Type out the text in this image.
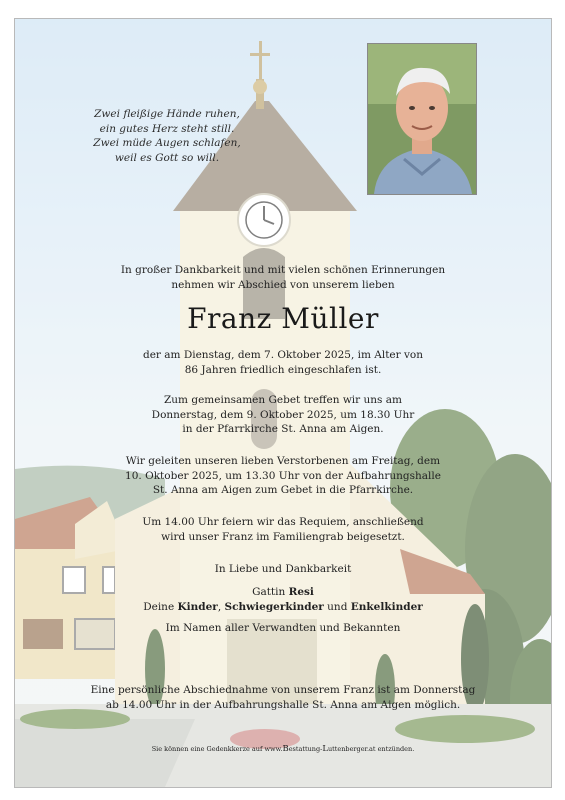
Zwei fleißige Hände ruhen,
ein gutes Herz steht still.
Zwei müde Augen schlafen,
weil es Gott so will.
In großer Dankbarkeit und mit vielen schönen Erinnerungen
nehmen wir Abschied von unserem lieben
Franz Müller
der am Dienstag, dem 7. Oktober 2025, im Alter von
86 Jahren friedlich eingeschlafen ist.
Zum gemeinsamen Gebet treffen wir uns am
Donnerstag, dem 9. Oktober 2025, um 18.30 Uhr
in der Pfarrkirche St. Anna am Aigen.
Wir geleiten unseren lieben Verstorbenen am Freitag, dem
10. Oktober 2025, um 13.30 Uhr von der Aufbahrungshalle
St. Anna am Aigen zum Gebet in die Pfarrkirche.
Um 14.00 Uhr feiern wir das Requiem, anschließend
wird unser Franz im Familiengrab beigesetzt.
In Liebe und Dankbarkeit
Gattin Resi
Deine Kinder, Schwiegerkinder und Enkelkinder
Im Namen aller Verwandten und Bekannten
Eine persönliche Abschiednahme von unserem Franz ist am Donnerstag
ab 14.00 Uhr in der Aufbahrungshalle St. Anna am Aigen möglich.
Sie können eine Gedenkkerze auf www.Bestattung-Luttenberger.at entzünden.
